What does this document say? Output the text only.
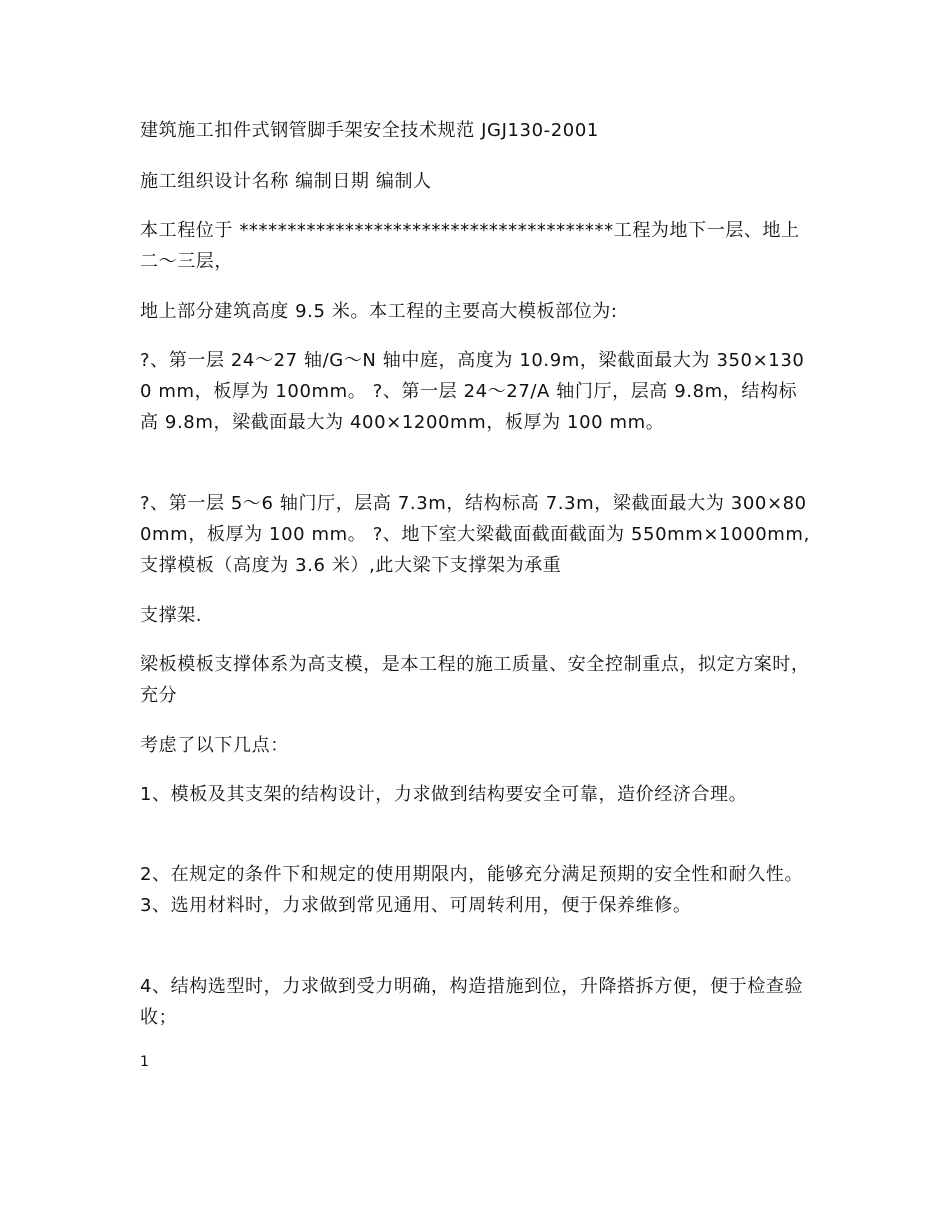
建筑施工扣件式钢管脚手架安全技术规范 JGJ130-2001

施工组织设计名称 编制日期 编制人

本工程位于 ***************************************工程为地下一层、地上二～三层，

地上部分建筑高度 9.5 米。本工程的主要高大模板部位为:

?、第一层 24～27 轴/G～N 轴中庭，高度为 10.9m，梁截面最大为 350×1300 mm，板厚为 100mm。 ?、第一层 24～27/A 轴门厅，层高 9.8m，结构标高 9.8m，梁截面最大为 400×1200mm，板厚为 100 mm。

?、第一层 5～6 轴门厅，层高 7.3m，结构标高 7.3m，梁截面最大为 300×800mm，板厚为 100 mm。 ?、地下室大梁截面截面截面为 550mm×1000mm,支撑模板（高度为 3.6 米）,此大梁下支撑架为承重

支撑架.

梁板模板支撑体系为高支模，是本工程的施工质量、安全控制重点，拟定方案时，充分

考虑了以下几点：

1、模板及其支架的结构设计，力求做到结构要安全可靠，造价经济合理。

2、在规定的条件下和规定的使用期限内，能够充分满足预期的安全性和耐久性。 3、选用材料时，力求做到常见通用、可周转利用，便于保养维修。

4、结构选型时，力求做到受力明确，构造措施到位，升降搭拆方便，便于检查验收；

1
